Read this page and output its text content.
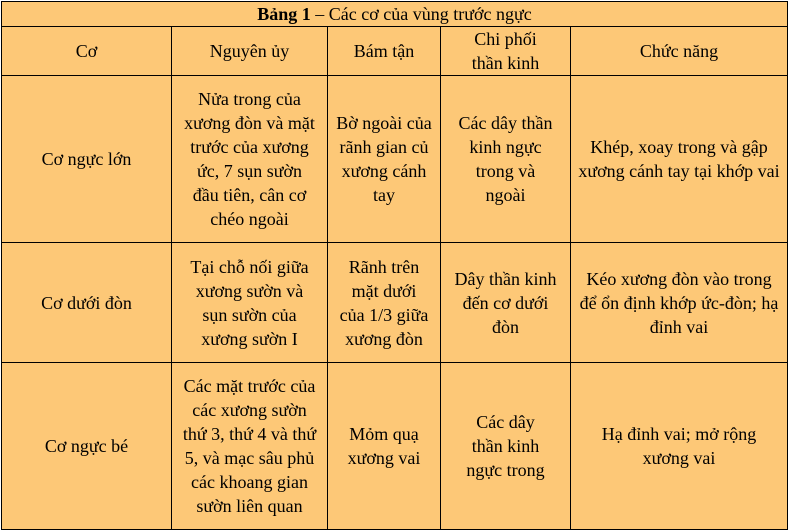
Bảng 1 – Các cơ của vùng trước ngực				
Cơ	Nguyên ủy	Bám tận	Chi phối thần kinh	Chức năng
Cơ ngực lớn	Nửa trong của xương đòn và mặt trước của xương ức, 7 sụn sườn đầu tiên, cân cơ chéo ngoài	Bờ ngoài của rãnh gian củ xương cánh tay	Các dây thần kinh ngực trong và ngoài	Khép, xoay trong và gập xương cánh tay tại khớp vai
Cơ dưới đòn	Tại chỗ nối giữa xương sườn và sụn sườn của xương sườn I	Rãnh trên mặt dưới của 1/3 giữa xương đòn	Dây thần kinh đến cơ dưới đòn	Kéo xương đòn vào trong để ổn định khớp ức-đòn; hạ đỉnh vai
Cơ ngực bé	Các mặt trước của các xương sườn thứ 3, thứ 4 và thứ 5, và mạc sâu phủ các khoang gian sườn liên quan	Mỏm quạ xương vai	Các dây thần kinh ngực trong	Hạ đỉnh vai; mở rộng xương vai
